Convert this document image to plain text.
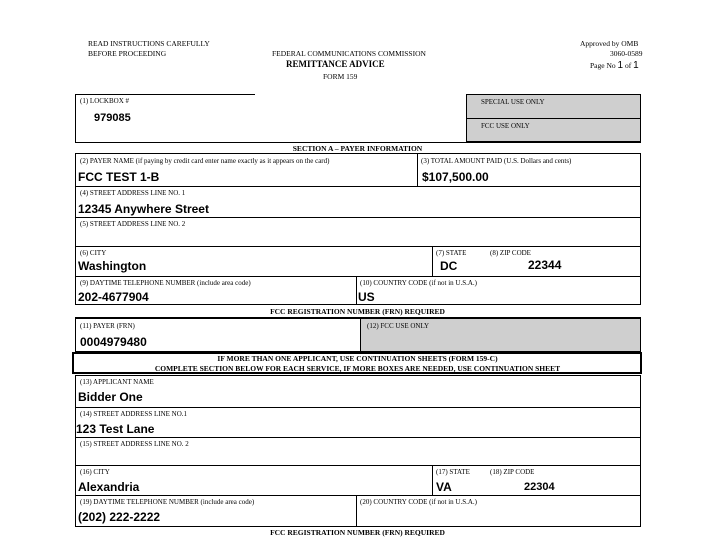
READ INSTRUCTIONS CAREFULLY
BEFORE PROCEEDING	FEDERAL COMMUNICATIONS COMMISSION
REMITTANCE ADVICE
FORM 159
Approved by OMB
3060-0589
Page No 1 of 1
(1) LOCKBOX #
979085
SPECIAL USE ONLY
FCC USE ONLY
SECTION A – PAYER INFORMATION
(2) PAYER NAME (if paying by credit card enter name exactly as it appears on the card)
FCC TEST 1-B
(3) TOTAL AMOUNT PAID (U.S. Dollars and cents)
$107,500.00
(4) STREET ADDRESS LINE NO. 1
12345 Anywhere Street
(5) STREET ADDRESS LINE NO. 2
(6) CITY
Washington
(7) STATE
DC
(8) ZIP CODE
22344
(9) DAYTIME TELEPHONE NUMBER (include area code)
202-4677904
(10) COUNTRY CODE (if not in U.S.A.)
US
FCC REGISTRATION NUMBER (FRN) REQUIRED
(11) PAYER (FRN)
0004979480
(12) FCC USE ONLY
IF MORE THAN ONE APPLICANT, USE CONTINUATION SHEETS (FORM 159-C)
COMPLETE SECTION BELOW FOR EACH SERVICE, IF MORE BOXES ARE NEEDED, USE CONTINUATION SHEET
(13) APPLICANT NAME
Bidder One
(14) STREET ADDRESS LINE NO.1
123 Test Lane
(15) STREET ADDRESS LINE NO. 2
(16) CITY
Alexandria
(17) STATE
VA
(18) ZIP CODE
22304
(19) DAYTIME TELEPHONE NUMBER (include area code)
(202) 222-2222
(20) COUNTRY CODE (if not in U.S.A.)
FCC REGISTRATION NUMBER (FRN) REQUIRED
